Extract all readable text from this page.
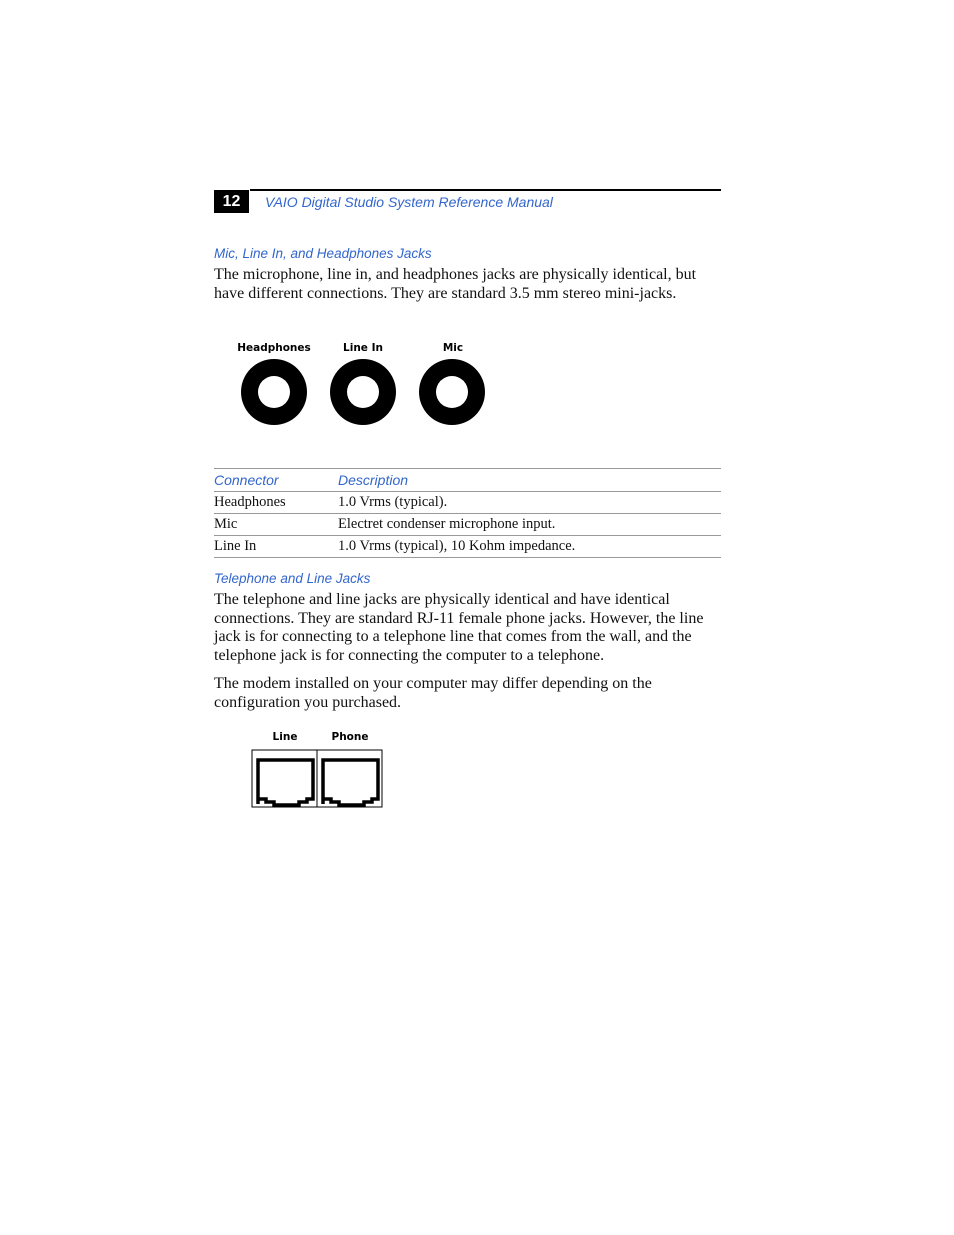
12	VAIO Digital Studio System Reference Manual
Mic, Line In, and Headphones Jacks

The microphone, line in, and headphones jacks are physically identical, but have different connections. They are standard 3.5 mm stereo mini-jacks.

Headphones	Line In	Mic
Connector	Description
Headphones	1.0 Vrms (typical).
Mic	Electret condenser microphone input.
Line In	1.0 Vrms (typical), 10 Kohm impedance.
Telephone and Line Jacks

The telephone and line jacks are physically identical and have identical connections. They are standard RJ-11 female phone jacks. However, the line jack is for connecting to a telephone line that comes from the wall, and the telephone jack is for connecting the computer to a telephone.

The modem installed on your computer may differ depending on the configuration you purchased.

Line	Phone
